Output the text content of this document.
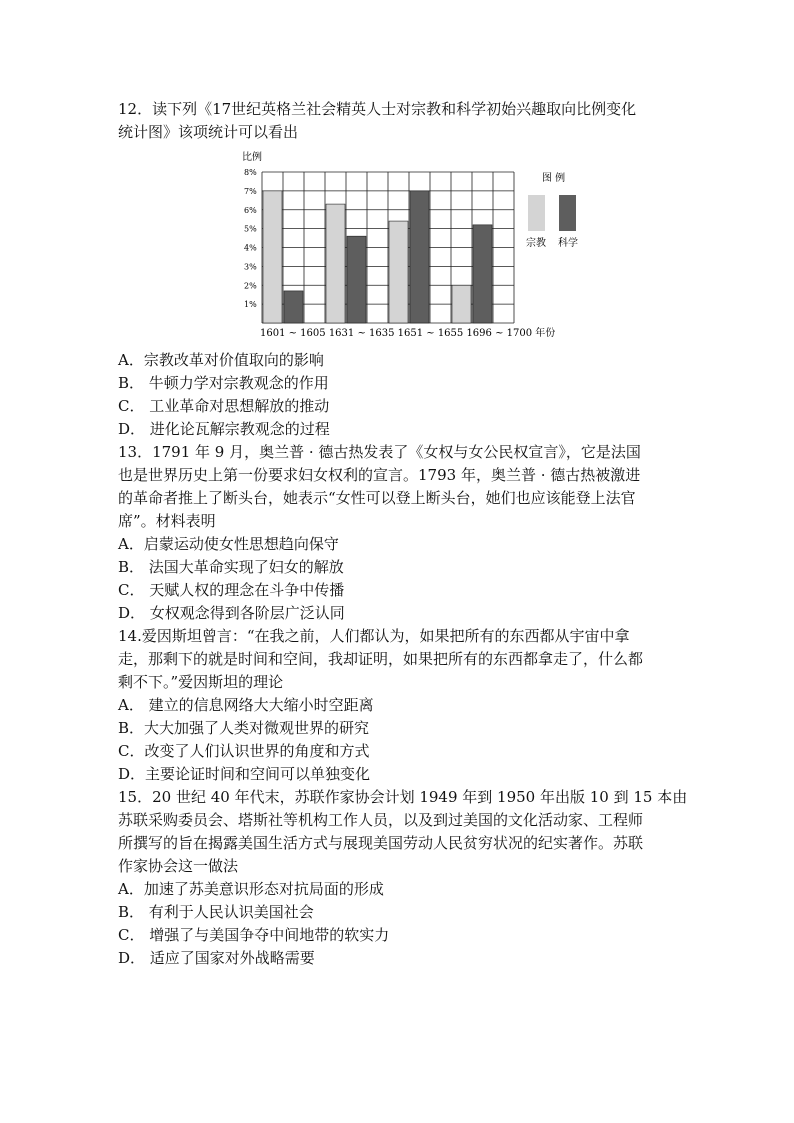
12．读下列《17世纪英格兰社会精英人士对宗教和科学初始兴趣取向比例变化
统计图》该项统计可以看出
比例
1%
2%
3%
4%
5%
6%
7%
8%
1601 ~ 1605 1631 ~ 1635 1651 ~ 1655 1696 ~ 1700 年份
图 例
宗教 科学
A．宗教改革对价值取向的影响
B． 牛顿力学对宗教观念的作用
C． 工业革命对思想解放的推动
D． 进化论瓦解宗教观念的过程
13．1791 年 9 月，奥兰普 · 德古热发表了《女权与女公民权宣言》，它是法国
也是世界历史上第一份要求妇女权利的宣言。1793 年，奥兰普 · 德古热被激进
的革命者推上了断头台，她表示“女性可以登上断头台，她们也应该能登上法官
席”。材料表明
A．启蒙运动使女性思想趋向保守
B． 法国大革命实现了妇女的解放
C． 天赋人权的理念在斗争中传播
D． 女权观念得到各阶层广泛认同
14.爱因斯坦曾言：“在我之前，人们都认为，如果把所有的东西都从宇宙中拿
走，那剩下的就是时间和空间，我却证明，如果把所有的东西都拿走了，什么都
剩不下。”爱因斯坦的理论
A． 建立的信息网络大大缩小时空距离
B．大大加强了人类对微观世界的研究
C．改变了人们认识世界的角度和方式
D．主要论证时间和空间可以单独变化
15．20 世纪 40 年代末，苏联作家协会计划 1949 年到 1950 年出版 10 到 15 本由
苏联采购委员会、塔斯社等机构工作人员，以及到过美国的文化活动家、工程师
所撰写的旨在揭露美国生活方式与展现美国劳动人民贫穷状况的纪实著作。苏联
作家协会这一做法
A．加速了苏美意识形态对抗局面的形成
B． 有利于人民认识美国社会
C． 增强了与美国争夺中间地带的软实力
D． 适应了国家对外战略需要
